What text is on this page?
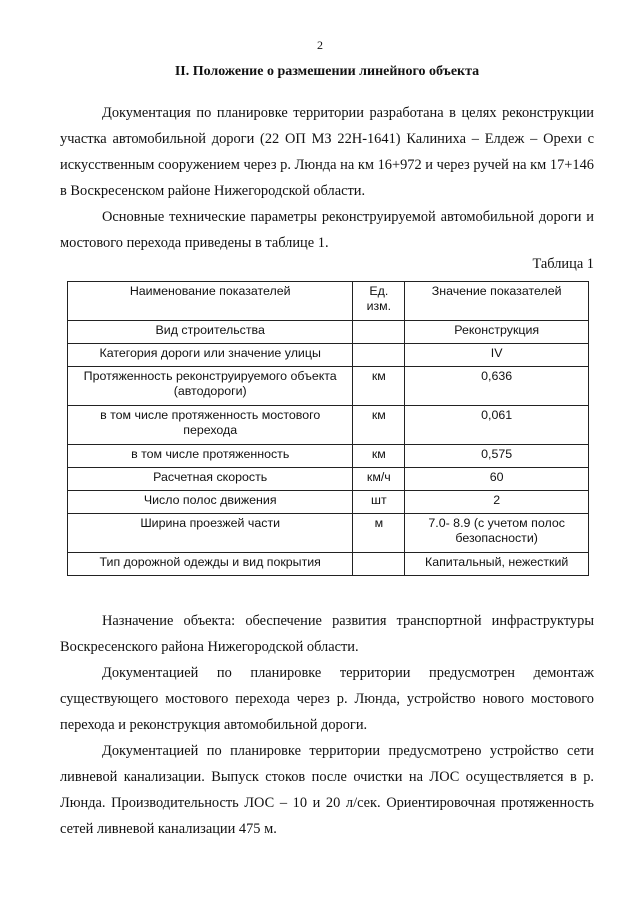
2
II. Положение о размешении линейного объекта

Документация по планировке территории разработана в целях реконструкции участка автомобильной дороги (22 ОП МЗ 22Н-1641) Калиниха – Елдеж – Орехи с искусственным сооружением через р. Люнда на км 16+972 и через ручей на км 17+146 в Воскресенском районе Нижегородской области.

Основные технические параметры реконструируемой автомобильной дороги и мостового перехода приведены в таблице 1.

Таблица 1
Наименование показателей	Ед. изм.	Значение показателей
Вид строительства		Реконструкция
Категория дороги или значение улицы		IV
Протяженность реконструируемого объекта (автодороги)	км	0,636
в том числе протяженность мостового перехода	км	0,061
в том числе протяженность	км	0,575
Расчетная скорость	км/ч	60
Число полос движения	шт	2
Ширина проезжей части	м	7.0- 8.9 (с учетом полос безопасности)
Тип дорожной одежды и вид покрытия		Капитальный, нежесткий

Назначение объекта: обеспечение развития транспортной инфраструктуры Воскресенского района Нижегородской области.

Документацией по планировке территории предусмотрен демонтаж существующего мостового перехода через р. Люнда, устройство нового мостового перехода и реконструкция автомобильной дороги.

Документацией по планировке территории предусмотрено устройство сети ливневой канализации. Выпуск стоков после очистки на ЛОС осуществляется в р. Люнда. Производительность ЛОС – 10 и 20 л/сек. Ориентировочная протяженность сетей ливневой канализации 475 м.
